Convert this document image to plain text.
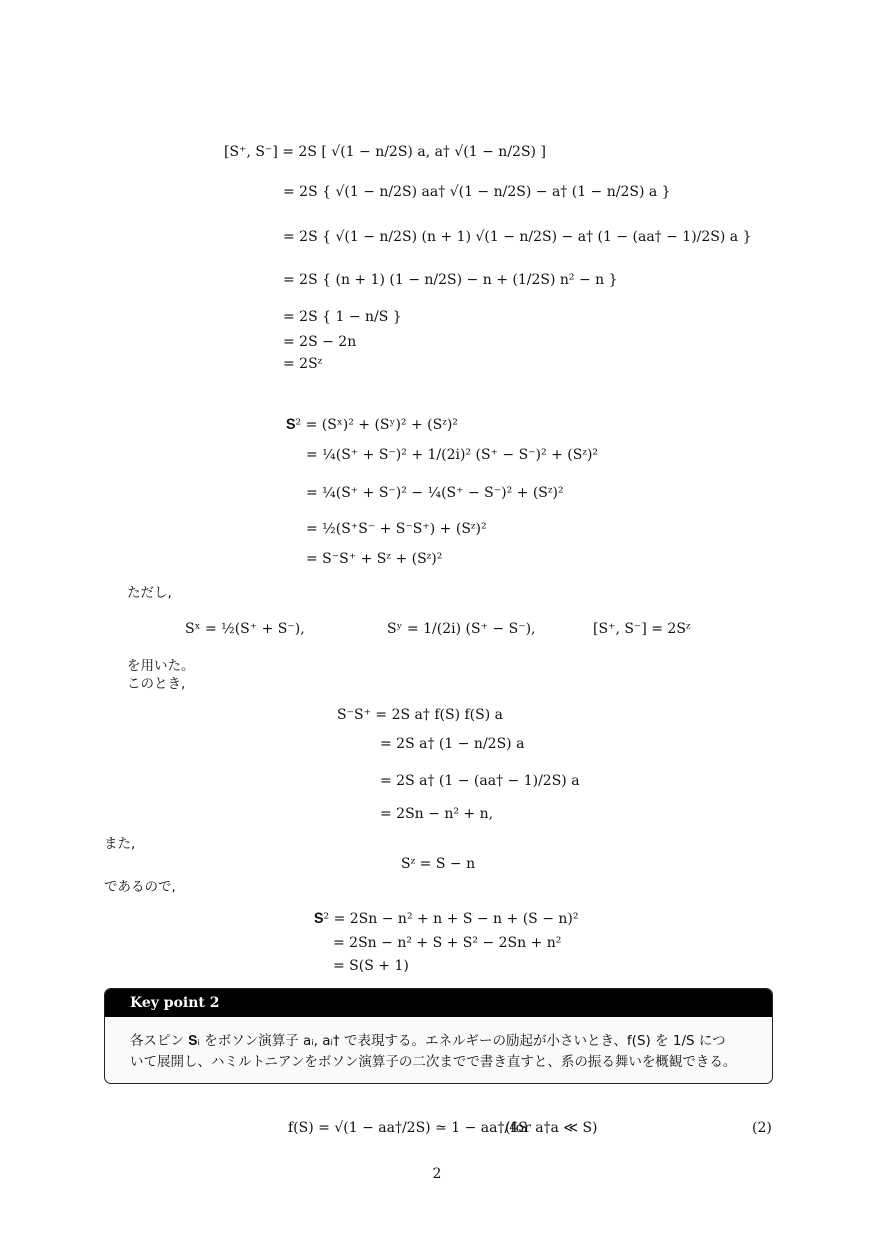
[S⁺, S⁻] = 2S [ √(1 − n/2S) a, a† √(1 − n/2S) ]
= 2S { √(1 − n/2S) aa† √(1 − n/2S) − a† (1 − n/2S) a }
= 2S { √(1 − n/2S) (n + 1) √(1 − n/2S) − a† (1 − (aa† − 1)/2S) a }
= 2S { (n + 1) (1 − n/2S) − n + (1/2S) n² − n }
= 2S { 1 − n/S }
= 2S − 2n
= 2Sᶻ
𝐒² = (Sˣ)² + (Sʸ)² + (Sᶻ)²
= ¼(S⁺ + S⁻)² + 1/(2i)² (S⁺ − S⁻)² + (Sᶻ)²
= ¼(S⁺ + S⁻)² − ¼(S⁺ − S⁻)² + (Sᶻ)²
= ½(S⁺S⁻ + S⁻S⁺) + (Sᶻ)²
= S⁻S⁺ + Sᶻ + (Sᶻ)²
ただし,
Sˣ = ½(S⁺ + S⁻),	Sʸ = 1/(2i) (S⁺ − S⁻),	[S⁺, S⁻] = 2Sᶻ
を用いた。
このとき,
S⁻S⁺ = 2S a† f(S) f(S) a
= 2S a† (1 − n/2S) a
= 2S a† (1 − (aa† − 1)/2S) a
= 2Sn − n² + n,
また,
Sᶻ = S − n
であるので,
𝐒² = 2Sn − n² + n + S − n + (S − n)²
= 2Sn − n² + S + S² − 2Sn + n²
= S(S + 1)
Key point 2
各スピン 𝐒ᵢ をボソン演算子 aᵢ, aᵢ† で表現する。エネルギーの励起が小さいとき、f(S) を 1/S につ
いて展開し、ハミルトニアンをボソン演算子の二次までで書き直すと、系の振る舞いを概観できる。
f(S) = √(1 − aa†/2S) ≃ 1 − aa†/4S
(for a†a ≪ S)	(2)
2
